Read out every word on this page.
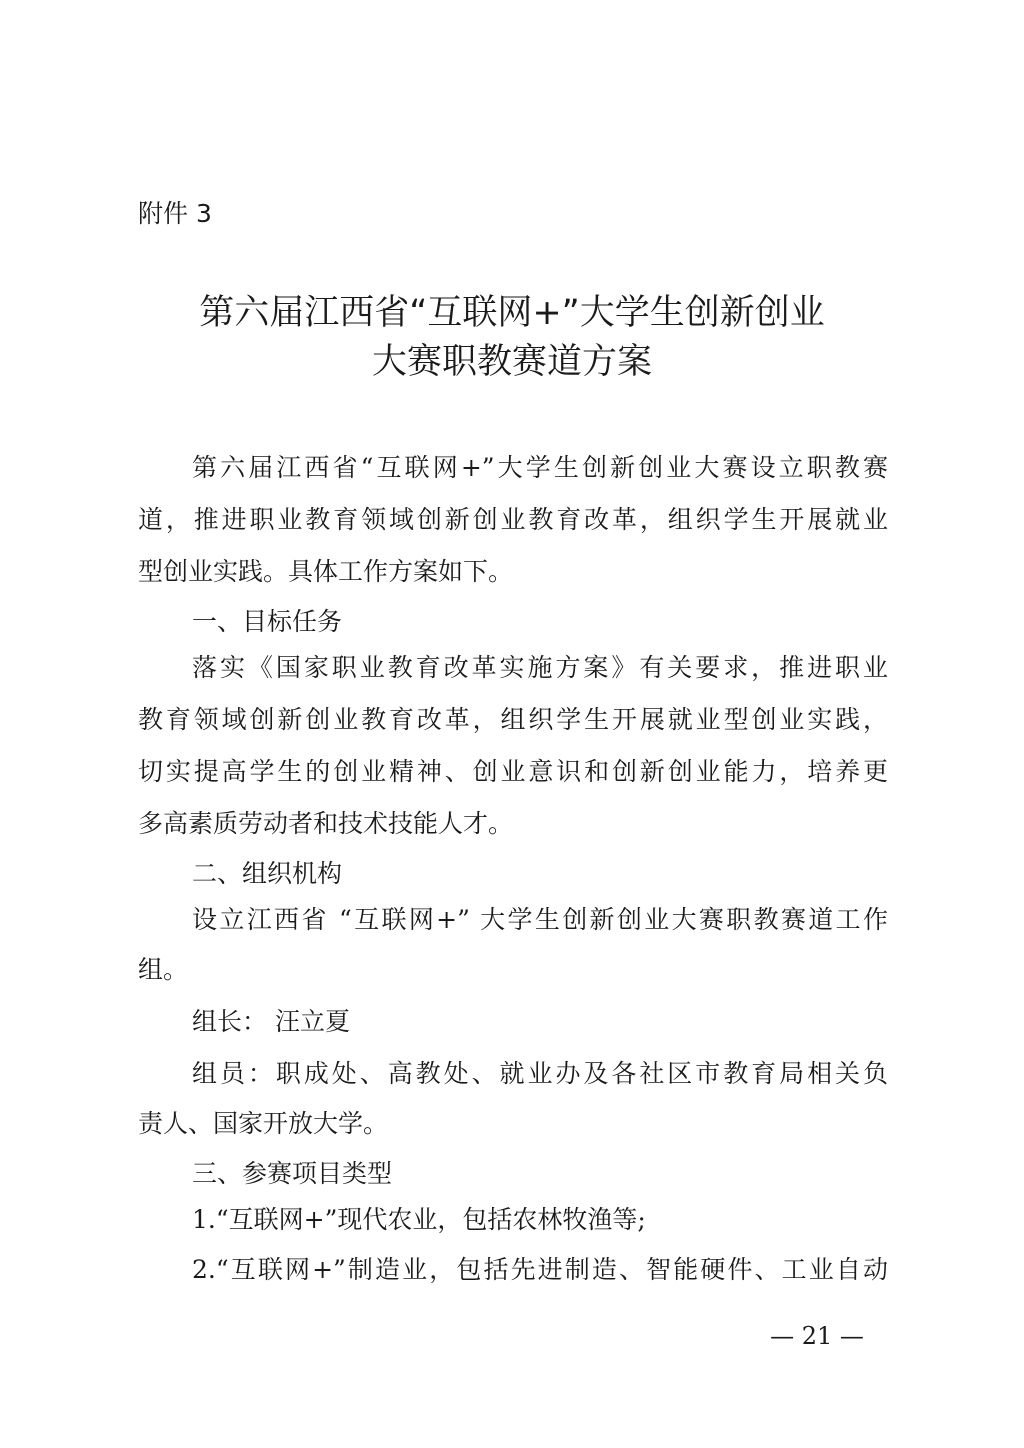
附件 3
第六届江西省“互联网+”大学生创新创业
大赛职教赛道方案
第六届江西省“互联网+”大学生创新创业大赛设立职教赛
道，推进职业教育领域创新创业教育改革，组织学生开展就业
型创业实践。具体工作方案如下。
一、目标任务
落实《国家职业教育改革实施方案》有关要求，推进职业
教育领域创新创业教育改革，组织学生开展就业型创业实践，
切实提高学生的创业精神、创业意识和创新创业能力，培养更
多高素质劳动者和技术技能人才。
二、组织机构
设立江西省 “互联网+” 大学生创新创业大赛职教赛道工作
组。
组长： 汪立夏
组员：职成处、高教处、就业办及各社区市教育局相关负
责人、国家开放大学。
三、参赛项目类型
1.“互联网+”现代农业，包括农林牧渔等;
2.“互联网+”制造业，包括先进制造、智能硬件、工业自动
— 21 —
